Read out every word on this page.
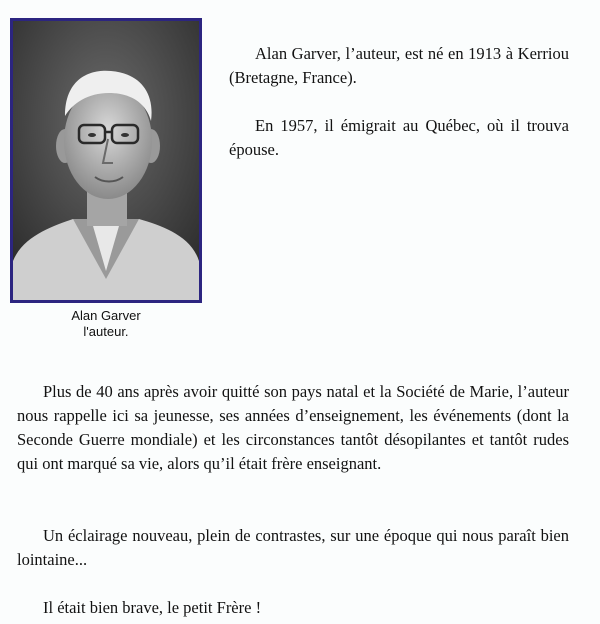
Alan Garver
l'auteur.

Alan Garver, l’auteur, est né en 1913 à Kerriou (Bretagne, France).

En 1957, il émigrait au Québec, où il trouva épouse.

Plus de 40 ans après avoir quitté son pays natal et la Société de Marie, l’auteur nous rappelle ici sa jeunesse, ses années d’enseignement, les événements (dont la Seconde Guerre mondiale) et les circonstances tantôt désopilantes et tantôt rudes qui ont marqué sa vie, alors qu’il était frère enseignant.

Un éclairage nouveau, plein de contrastes, sur une époque qui nous paraît bien lointaine...

Il était bien brave, le petit Frère !
